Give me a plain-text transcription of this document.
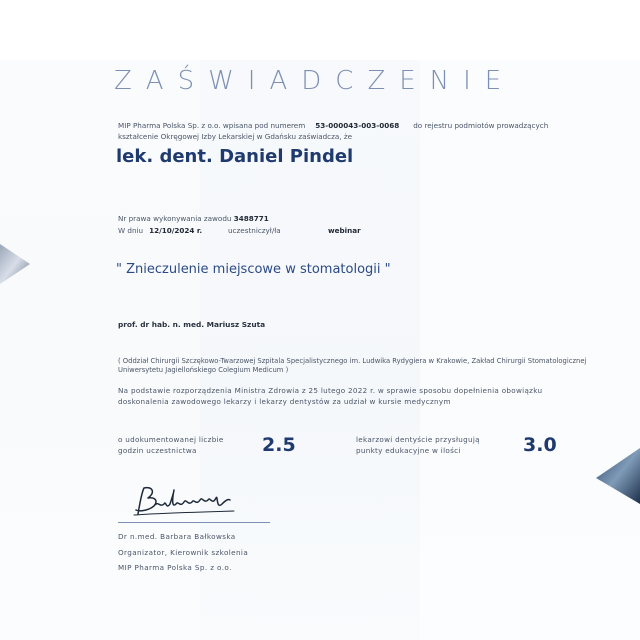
ZAŚWIADCZENIE
MIP Pharma Polska Sp. z o.o. wpisana pod numerem 53-000043-003-0068 do rejestru podmiotów prowadzących kształcenie Okręgowej Izby Lekarskiej w Gdańsku zaświadcza, że
lek. dent. Daniel Pindel
Nr prawa wykonywania zawodu 3488771
W dniu 12/10/2024 r.	uczestniczył/ła	webinar
" Znieczulenie miejscowe w stomatologii "
prof. dr hab. n. med. Mariusz Szuta
( Oddział Chirurgii Szczękowo-Twarzowej Szpitala Specjalistycznego im. Ludwika Rydygiera w Krakowie, Zakład Chirurgii Stomatologicznej Uniwersytetu Jagiellońskiego Colegium Medicum )
Na podstawie rozporządzenia Ministra Zdrowia z 25 lutego 2022 r. w sprawie sposobu dopełnienia obowiązku doskonalenia zawodowego lekarzy i lekarzy dentystów za udział w kursie medycznym
o udokumentowanej liczbie godzin uczestnictwa	2.5	lekarzowi dentyście przysługują punkty edukacyjne w ilości	3.0
Dr n.med. Barbara Bałkowska
Organizator, Kierownik szkolenia
MIP Pharma Polska Sp. z o.o.
